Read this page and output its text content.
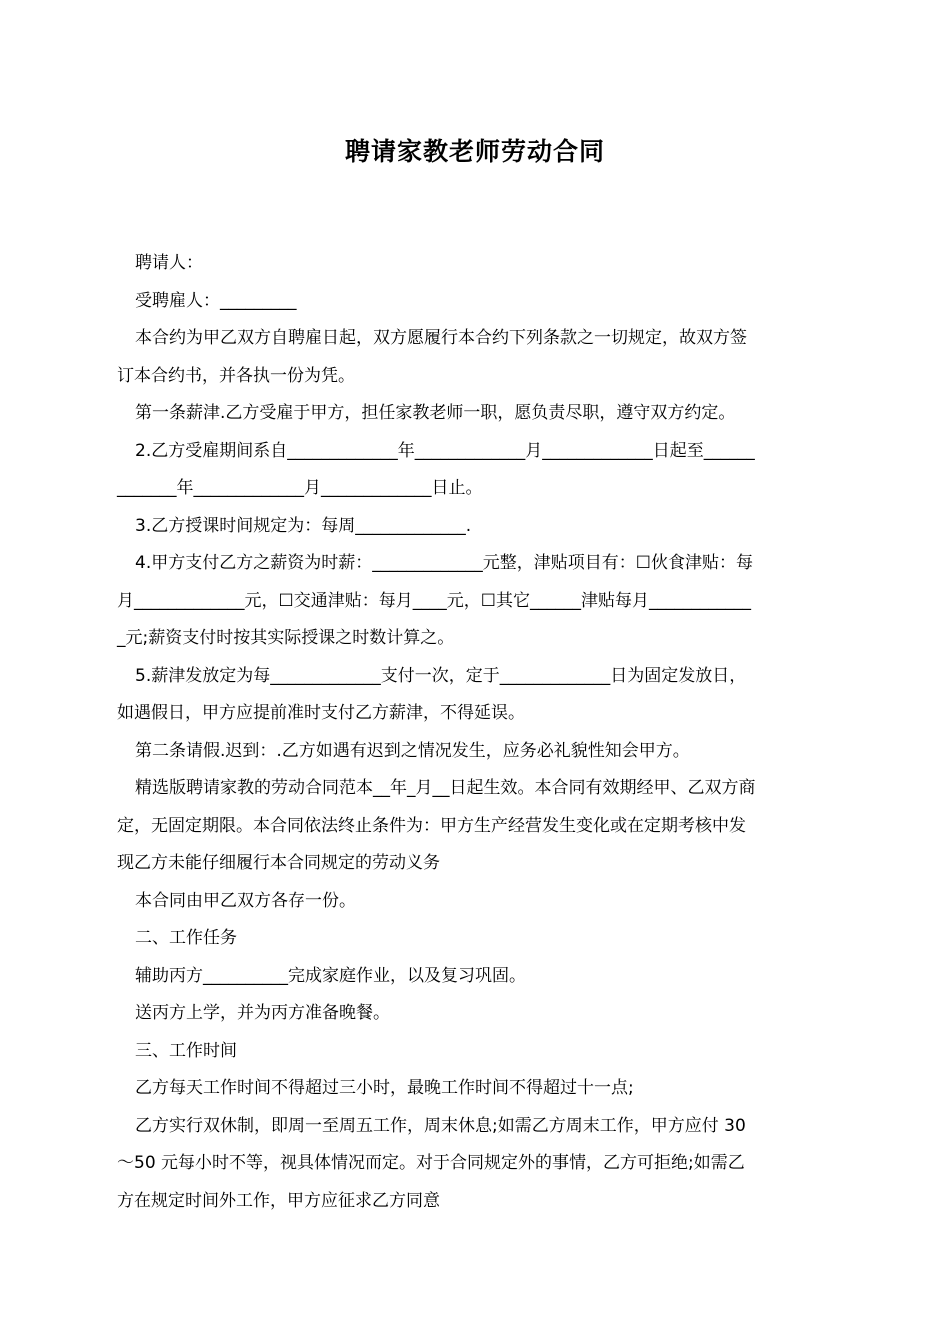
聘请家教老师劳动合同

聘请人：

受聘雇人：_________

本合约为甲乙双方自聘雇日起，双方愿履行本合约下列条款之一切规定，故双方签
订本合约书，并各执一份为凭。

第一条薪津.乙方受雇于甲方，担任家教老师一职，愿负责尽职，遵守双方约定。

2.乙方受雇期间系自_____________年_____________月_____________日起至______
_______年_____________月_____________日止。

3.乙方授课时间规定为：每周_____________.

4.甲方支付乙方之薪资为时薪：_____________元整，津贴项目有：☐伙食津贴：每
月_____________元，☐交通津贴：每月____元，☐其它______津贴每月____________
_元;薪资支付时按其实际授课之时数计算之。

5.薪津发放定为每_____________支付一次，定于_____________日为固定发放日，
如遇假日，甲方应提前准时支付乙方薪津，不得延误。

第二条请假.迟到：.乙方如遇有迟到之情况发生，应务必礼貌性知会甲方。

精选版聘请家教的劳动合同范本__年_月__日起生效。本合同有效期经甲、乙双方商
定，无固定期限。本合同依法终止条件为：甲方生产经营发生变化或在定期考核中发
现乙方未能仔细履行本合同规定的劳动义务

本合同由甲乙双方各存一份。

二、工作任务

辅助丙方__________完成家庭作业，以及复习巩固。

送丙方上学，并为丙方准备晚餐。

三、工作时间

乙方每天工作时间不得超过三小时，最晚工作时间不得超过十一点;

乙方实行双休制，即周一至周五工作，周末休息;如需乙方周末工作，甲方应付 30
～50 元每小时不等，视具体情况而定。对于合同规定外的事情，乙方可拒绝;如需乙
方在规定时间外工作，甲方应征求乙方同意
